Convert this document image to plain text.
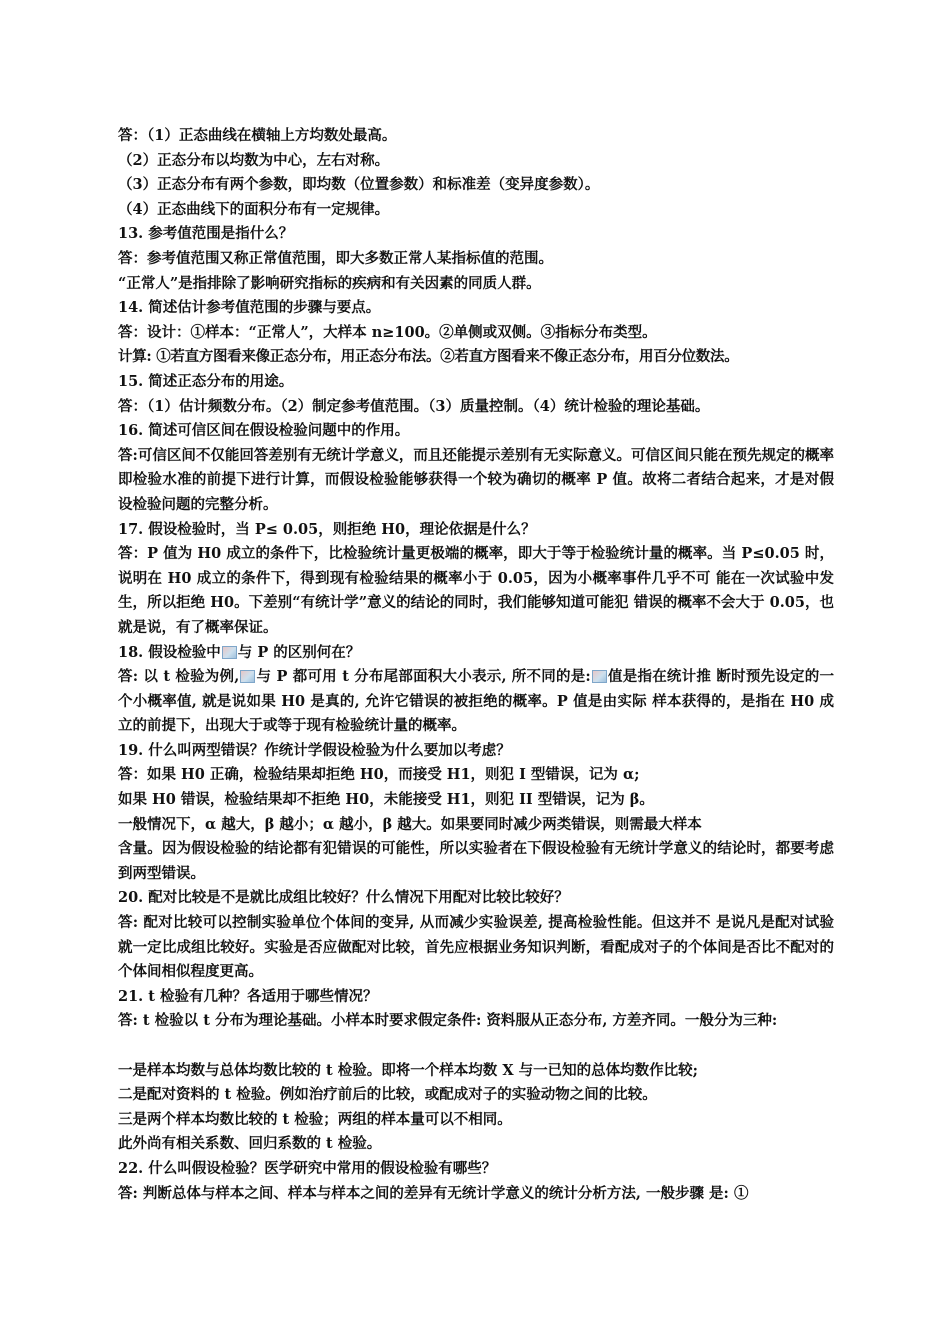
答：（1）正态曲线在横轴上方均数处最高。
（2）正态分布以均数为中心，左右对称。
（3）正态分布有两个参数，即均数（位置参数）和标准差（变异度参数）。
（4）正态曲线下的面积分布有一定规律。
13. 参考值范围是指什么？
答：参考值范围又称正常值范围，即大多数正常人某指标值的范围。
“正常人”是指排除了影响研究指标的疾病和有关因素的同质人群。
14. 简述估计参考值范围的步骤与要点。
答：设计：①样本：“正常人”，大样本 n≥100。②单侧或双侧。③指标分布类型。
计算: ①若直方图看来像正态分布，用正态分布法。②若直方图看来不像正态分布，用百分位数法。
15. 简述正态分布的用途。
答：（1）估计频数分布。（2）制定参考值范围。（3）质量控制。（4）统计检验的理论基础。
16. 简述可信区间在假设检验问题中的作用。
答:可信区间不仅能回答差别有无统计学意义，而且还能提示差别有无实际意义。可信区间只能在预先规定的概率即检验水准的前提下进行计算，而假设检验能够获得一个较为确切的概率 P 值。故将二者结合起来，才是对假设检验问题的完整分析。
17. 假设检验时，当 P≤ 0.05，则拒绝 H0，理论依据是什么？
答：P 值为 H0 成立的条件下，比检验统计量更极端的概率，即大于等于检验统计量的概率。当 P≤0.05 时，说明在 H0 成立的条件下，得到现有检验结果的概率小于 0.05，因为小概率事件几乎不可 能在一次试验中发生，所以拒绝 H0。下差别“有统计学”意义的结论的同时，我们能够知道可能犯 错误的概率不会大于 0.05，也就是说，有了概率保证。
18. 假设检验中 与 P 的区别何在？
答: 以 t 检验为例, 与 P 都可用 t 分布尾部面积大小表示, 所不同的是: 值是指在统计推 断时预先设定的一个小概率值, 就是说如果 H0 是真的, 允许它错误的被拒绝的概率。P 值是由实际 样本获得的，是指在 H0 成立的前提下，出现大于或等于现有检验统计量的概率。
19. 什么叫两型错误？作统计学假设检验为什么要加以考虑？
答：如果 H0 正确，检验结果却拒绝 H0，而接受 H1，则犯 I 型错误，记为 α;
如果 H0 错误，检验结果却不拒绝 H0，未能接受 H1，则犯 II 型错误，记为 β。
一般情况下，α 越大，β 越小；α 越小，β 越大。如果要同时减少两类错误，则需最大样本
含量。因为假设检验的结论都有犯错误的可能性，所以实验者在下假设检验有无统计学意义的结论时，都要考虑到两型错误。
20. 配对比较是不是就比成组比较好？什么情况下用配对比较比较好？
答: 配对比较可以控制实验单位个体间的变异, 从而减少实验误差, 提高检验性能。但这并不 是说凡是配对试验就一定比成组比较好。实验是否应做配对比较，首先应根据业务知识判断，看配成对子的个体间是否比不配对的 个体间相似程度更高。
21. t 检验有几种？各适用于哪些情况？
答: t 检验以 t 分布为理论基础。小样本时要求假定条件: 资料服从正态分布, 方差齐同。一般分为三种:
一是样本均数与总体均数比较的 t 检验。即将一个样本均数 X 与一已知的总体均数作比较;
二是配对资料的 t 检验。例如治疗前后的比较，或配成对子的实验动物之间的比较。
三是两个样本均数比较的 t 检验；两组的样本量可以不相同。
此外尚有相关系数、回归系数的 t 检验。
22. 什么叫假设检验？医学研究中常用的假设检验有哪些？
答: 判断总体与样本之间、样本与样本之间的差异有无统计学意义的统计分析方法, 一般步骤 是: ①
